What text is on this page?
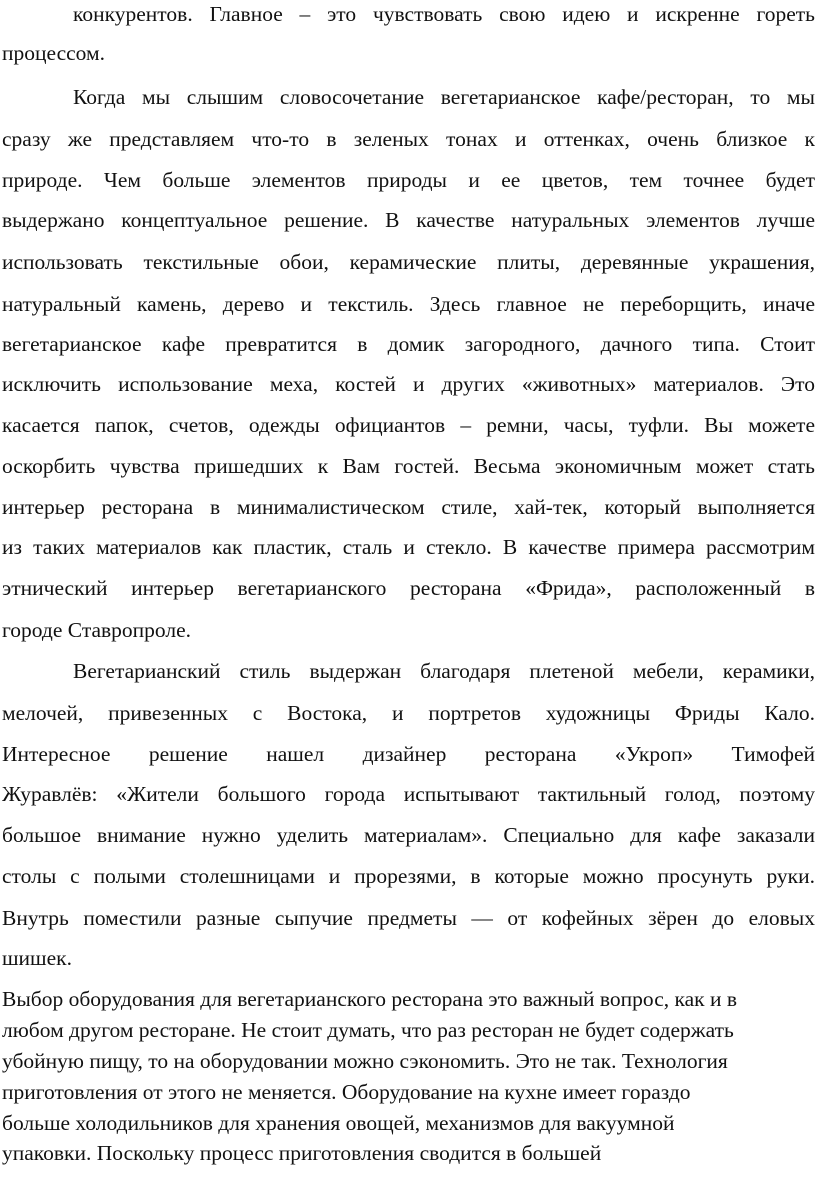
конкурентов. Главное – это чувствовать свою идею и искренне гореть
процессом.
Когда мы слышим словосочетание вегетарианское кафе/ресторан, то мы
сразу же представляем что-то в зеленых тонах и оттенках, очень близкое к
природе. Чем больше элементов природы и ее цветов, тем точнее будет
выдержано концептуальное решение. В качестве натуральных элементов лучше
использовать текстильные обои, керамические плиты, деревянные украшения,
натуральный камень, дерево и текстиль. Здесь главное не переборщить, иначе
вегетарианское кафе превратится в домик загородного, дачного типа. Стоит
исключить использование меха, костей и других «животных» материалов. Это
касается папок, счетов, одежды официантов – ремни, часы, туфли. Вы можете
оскорбить чувства пришедших к Вам гостей. Весьма экономичным может стать
интерьер ресторана в минималистическом стиле, хай-тек, который выполняется
из таких материалов как пластик, сталь и стекло. В качестве примера рассмотрим
этнический интерьер вегетарианского ресторана «Фрида», расположенный в
городе Ставропроле.
Вегетарианский стиль выдержан благодаря плетеной мебели, керамики,
мелочей, привезенных с Востока, и портретов художницы Фриды Кало.
Интересное решение нашел дизайнер ресторана «Укроп» Тимофей
Журавлёв: «Жители большого города испытывают тактильный голод, поэтому
большое внимание нужно уделить материалам». Специально для кафе заказали
столы с полыми столешницами и прорезями, в которые можно просунуть руки.
Внутрь поместили разные сыпучие предметы — от кофейных зёрен до еловых
шишек.
Выбор оборудования для вегетарианского ресторана это важный вопрос, как и в
любом другом ресторане. Не стоит думать, что раз ресторан не будет содержать
убойную пищу, то на оборудовании можно сэкономить. Это не так. Технология
приготовления от этого не меняется. Оборудование на кухне имеет гораздо
больше холодильников для хранения овощей, механизмов для вакуумной
упаковки. Поскольку процесс приготовления сводится в большей
